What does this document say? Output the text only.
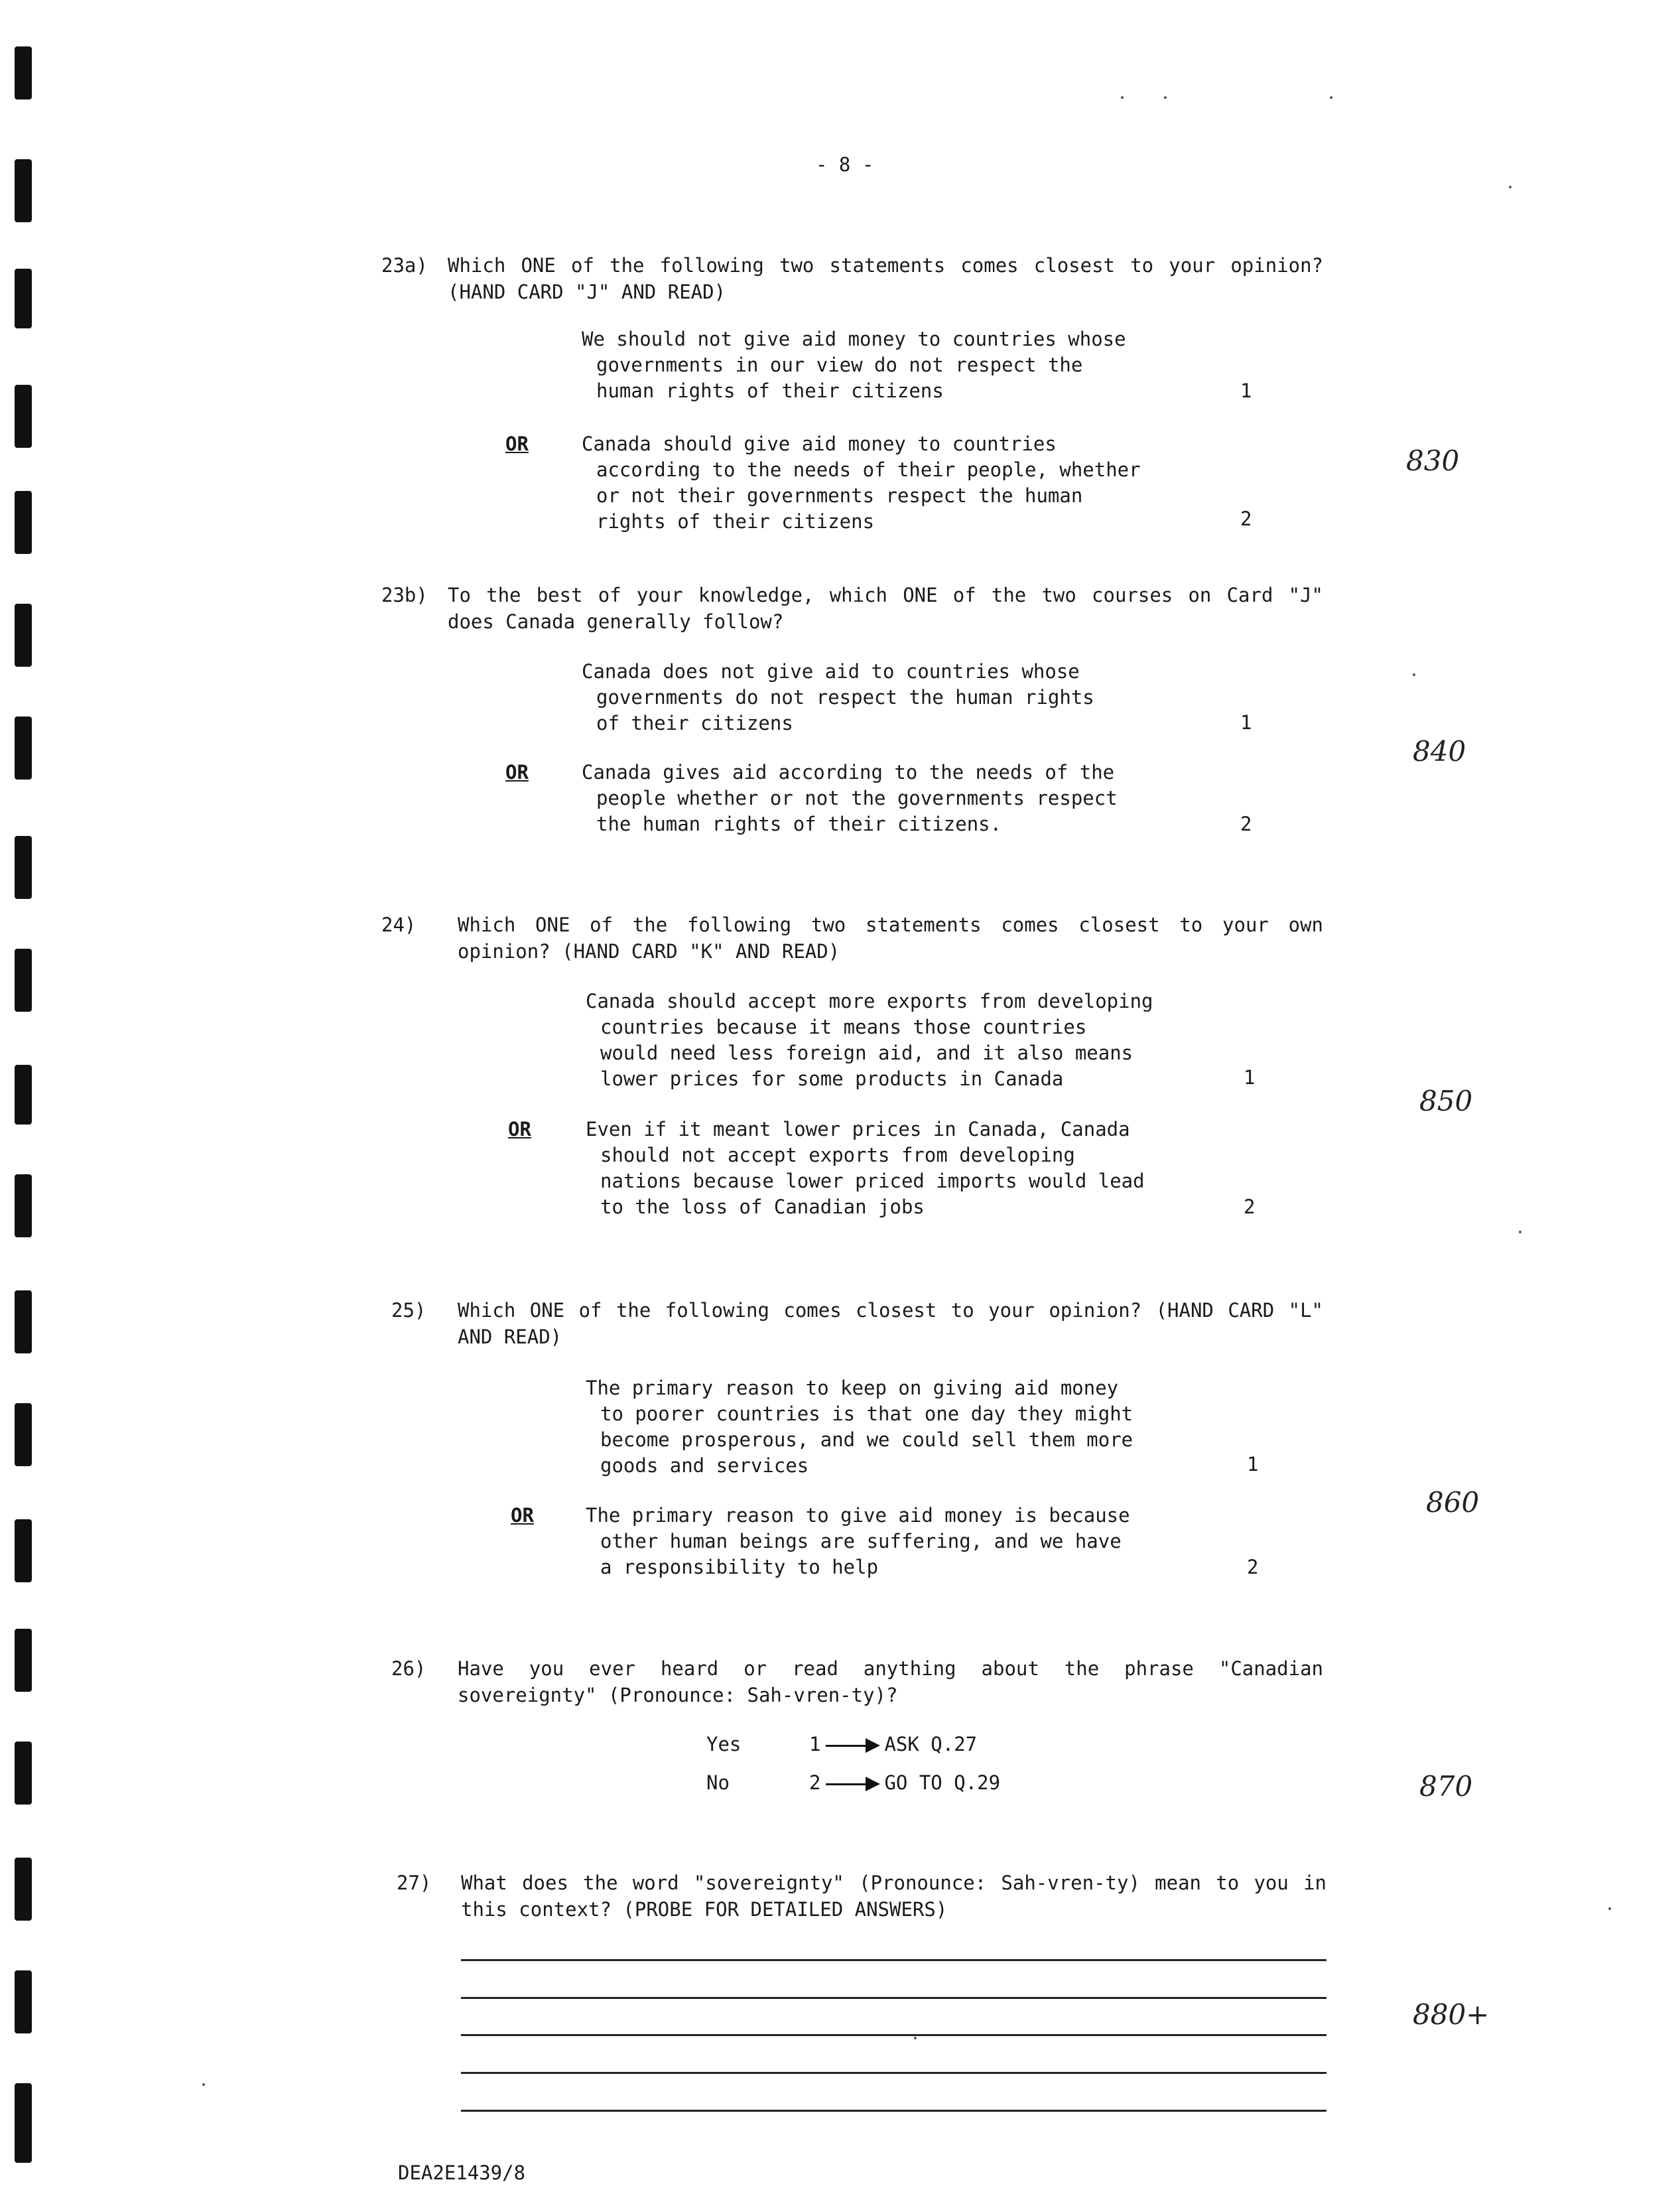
- 8 -
23a) Which ONE of the following two statements comes closest to your opinion? (HAND CARD "J" AND READ)
We should not give aid money to countries whose
governments in our view do not respect the
human rights of their citizens	1
OR	Canada should give aid money to countries
according to the needs of their people, whether
or not their governments respect the human
rights of their citizens	2
830
23b) To the best of your knowledge, which ONE of the two courses on Card "J" does Canada generally follow?
Canada does not give aid to countries whose
governments do not respect the human rights
of their citizens	1
OR	Canada gives aid according to the needs of the
people whether or not the governments respect
the human rights of their citizens.	2
840
24) Which ONE of the following two statements comes closest to your own opinion? (HAND CARD "K" AND READ)
Canada should accept more exports from developing
countries because it means those countries
would need less foreign aid, and it also means
lower prices for some products in Canada	1
OR	Even if it meant lower prices in Canada, Canada
should not accept exports from developing
nations because lower priced imports would lead
to the loss of Canadian jobs	2
850
25) Which ONE of the following comes closest to your opinion? (HAND CARD "L" AND READ)
The primary reason to keep on giving aid money
to poorer countries is that one day they might
become prosperous, and we could sell them more
goods and services	1
OR	The primary reason to give aid money is because
other human beings are suffering, and we have
a responsibility to help	2
860
26) Have you ever heard or read anything about the phrase "Canadian sovereignty" (Pronounce: Sah-vren-ty)?
Yes	1	ASK Q.27
No	2	GO TO Q.29	870
27) What does the word "sovereignty" (Pronounce: Sah-vren-ty) mean to you in this context? (PROBE FOR DETAILED ANSWERS)
880+
DEA2E1439/8
